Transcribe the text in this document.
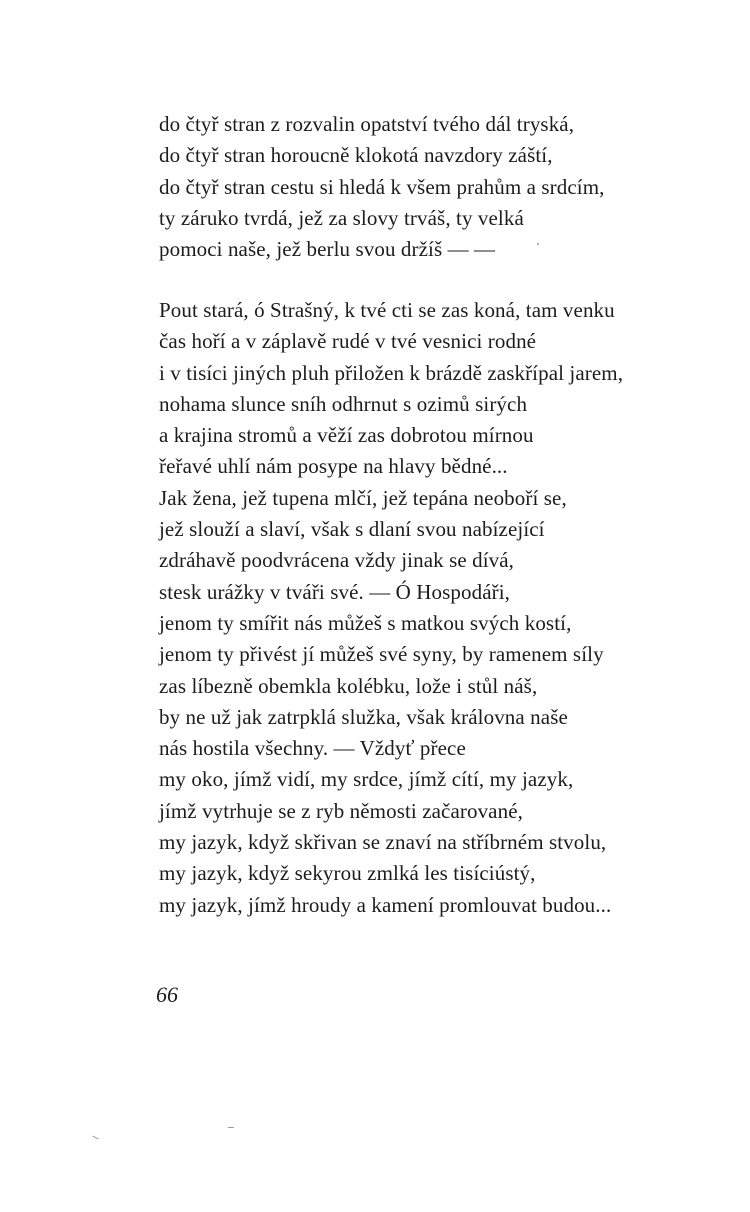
do čtyř stran z rozvalin opatství tvého dál tryská,
do čtyř stran horoucně klokotá navzdory záští,
do čtyř stran cestu si hledá k všem prahům a srdcím,
ty záruko tvrdá, jež za slovy trváš, ty velká
pomoci naše, jež berlu svou držíš — —
Pout stará, ó Strašný, k tvé cti se zas koná, tam venku
čas hoří a v záplavě rudé v tvé vesnici rodné
i v tisíci jiných pluh přiložen k brázdě zaskřípal jarem,
nohama slunce sníh odhrnut s ozimů sirých
a krajina stromů a věží zas dobrotou mírnou
řeřavé uhlí nám posype na hlavy bědné...
Jak žena, jež tupena mlčí, jež tepána neoboří se,
jež slouží a slaví, však s dlaní svou nabízející
zdráhavě poodvrácena vždy jinak se dívá,
stesk urážky v tváři své. — Ó Hospodáři,
jenom ty smířit nás můžeš s matkou svých kostí,
jenom ty přivést jí můžeš své syny, by ramenem síly
zas líbezně obemkla kolébku, lože i stůl náš,
by ne už jak zatrpklá služka, však královna naše
nás hostila všechny. — Vždyť přece
my oko, jímž vidí, my srdce, jímž cítí, my jazyk,
jímž vytrhuje se z ryb němosti začarované,
my jazyk, když skřivan se znaví na stříbrném stvolu,
my jazyk, když sekyrou zmlká les tisíciústý,
my jazyk, jímž hroudy a kamení promlouvat budou...
66
